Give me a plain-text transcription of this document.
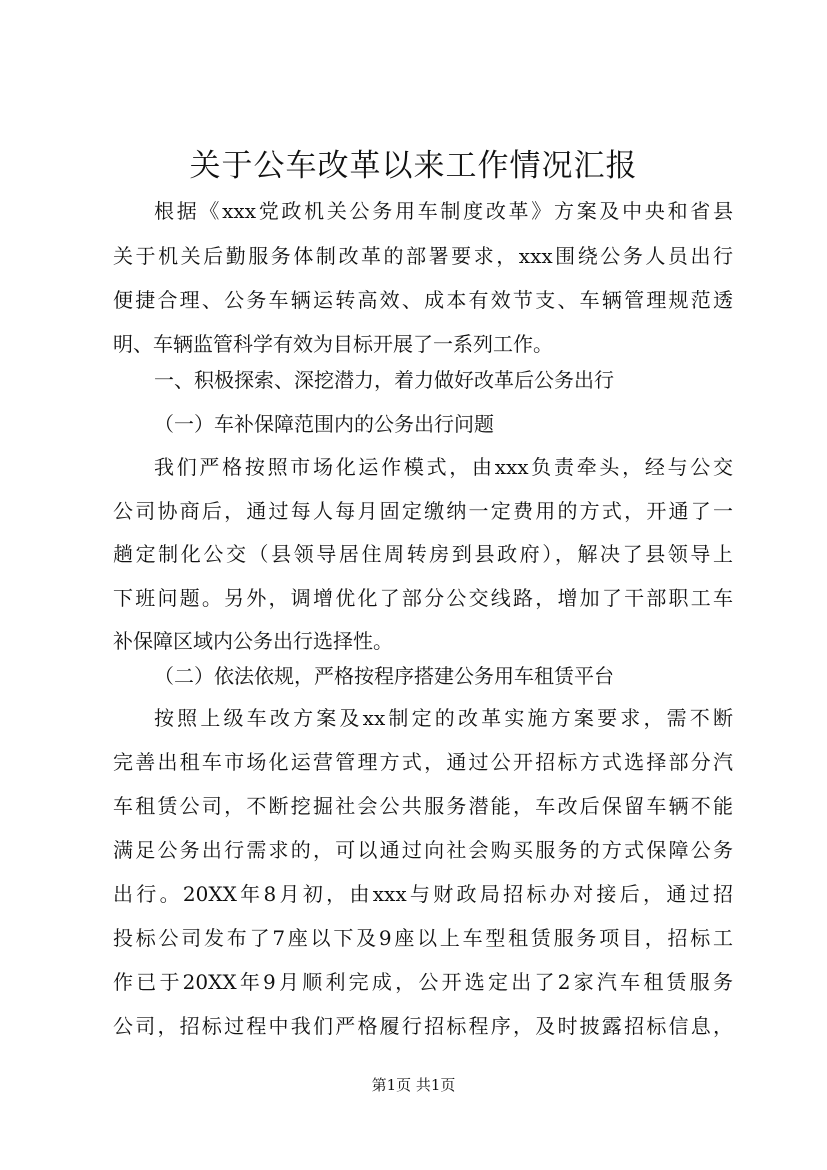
关于公车改革以来工作情况汇报
根据《xxx党政机关公务用车制度改革》方案及中央和省县
关于机关后勤服务体制改革的部署要求，xxx围绕公务人员出行
便捷合理、公务车辆运转高效、成本有效节支、车辆管理规范透
明、车辆监管科学有效为目标开展了一系列工作。
一、积极探索、深挖潜力，着力做好改革后公务出行
（一）车补保障范围内的公务出行问题
我们严格按照市场化运作模式，由xxx负责牵头，经与公交
公司协商后，通过每人每月固定缴纳一定费用的方式，开通了一
趟定制化公交（县领导居住周转房到县政府），解决了县领导上
下班问题。另外，调增优化了部分公交线路，增加了干部职工车
补保障区域内公务出行选择性。
（二）依法依规，严格按程序搭建公务用车租赁平台
按照上级车改方案及xx制定的改革实施方案要求，需不断
完善出租车市场化运营管理方式，通过公开招标方式选择部分汽
车租赁公司，不断挖掘社会公共服务潜能，车改后保留车辆不能
满足公务出行需求的，可以通过向社会购买服务的方式保障公务
出行。20XX年8月初，由xxx与财政局招标办对接后，通过招
投标公司发布了7座以下及9座以上车型租赁服务项目，招标工
作已于20XX年9月顺利完成，公开选定出了2家汽车租赁服务
公司，招标过程中我们严格履行招标程序，及时披露招标信息，
第1页 共1页
